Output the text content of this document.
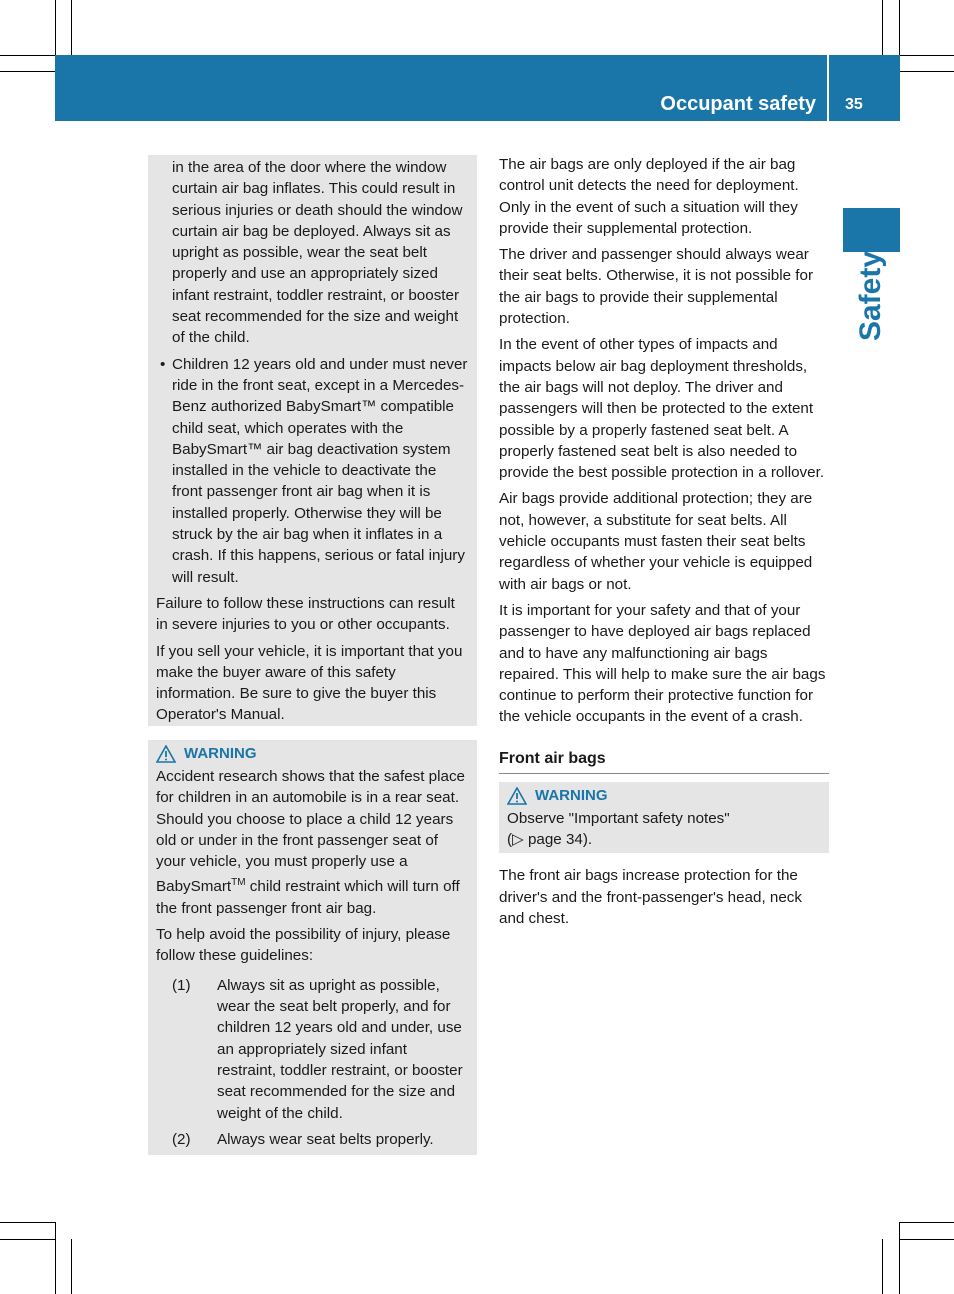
Occupant safety 35
Safety

in the area of the door where the window curtain air bag inflates. This could result in serious injuries or death should the window curtain air bag be deployed. Always sit as upright as possible, wear the seat belt properly and use an appropriately sized infant restraint, toddler restraint, or booster seat recommended for the size and weight of the child.

• Children 12 years old and under must never ride in the front seat, except in a Mercedes-Benz authorized BabySmart™ compatible child seat, which operates with the BabySmart™ air bag deactivation system installed in the vehicle to deactivate the front passenger front air bag when it is installed properly. Otherwise they will be struck by the air bag when it inflates in a crash. If this happens, serious or fatal injury will result.

Failure to follow these instructions can result in severe injuries to you or other occupants.

If you sell your vehicle, it is important that you make the buyer aware of this safety information. Be sure to give the buyer this Operator's Manual.

WARNING

Accident research shows that the safest place for children in an automobile is in a rear seat. Should you choose to place a child 12 years old or under in the front passenger seat of your vehicle, you must properly use a BabySmart™ child restraint which will turn off the front passenger front air bag.

To help avoid the possibility of injury, please follow these guidelines:

(1)	Always sit as upright as possible, wear the seat belt properly, and for children 12 years old and under, use an appropriately sized infant restraint, toddler restraint, or booster seat recommended for the size and weight of the child.
(2)	Always wear seat belts properly.

The air bags are only deployed if the air bag control unit detects the need for deployment. Only in the event of such a situation will they provide their supplemental protection.

The driver and passenger should always wear their seat belts. Otherwise, it is not possible for the air bags to provide their supplemental protection.

In the event of other types of impacts and impacts below air bag deployment thresholds, the air bags will not deploy. The driver and passengers will then be protected to the extent possible by a properly fastened seat belt. A properly fastened seat belt is also needed to provide the best possible protection in a rollover.

Air bags provide additional protection; they are not, however, a substitute for seat belts. All vehicle occupants must fasten their seat belts regardless of whether your vehicle is equipped with air bags or not.

It is important for your safety and that of your passenger to have deployed air bags replaced and to have any malfunctioning air bags repaired. This will help to make sure the air bags continue to perform their protective function for the vehicle occupants in the event of a crash.

Front air bags
WARNING

Observe "Important safety notes"

(▷ page 34).

The front air bags increase protection for the driver's and the front-passenger's head, neck and chest.
